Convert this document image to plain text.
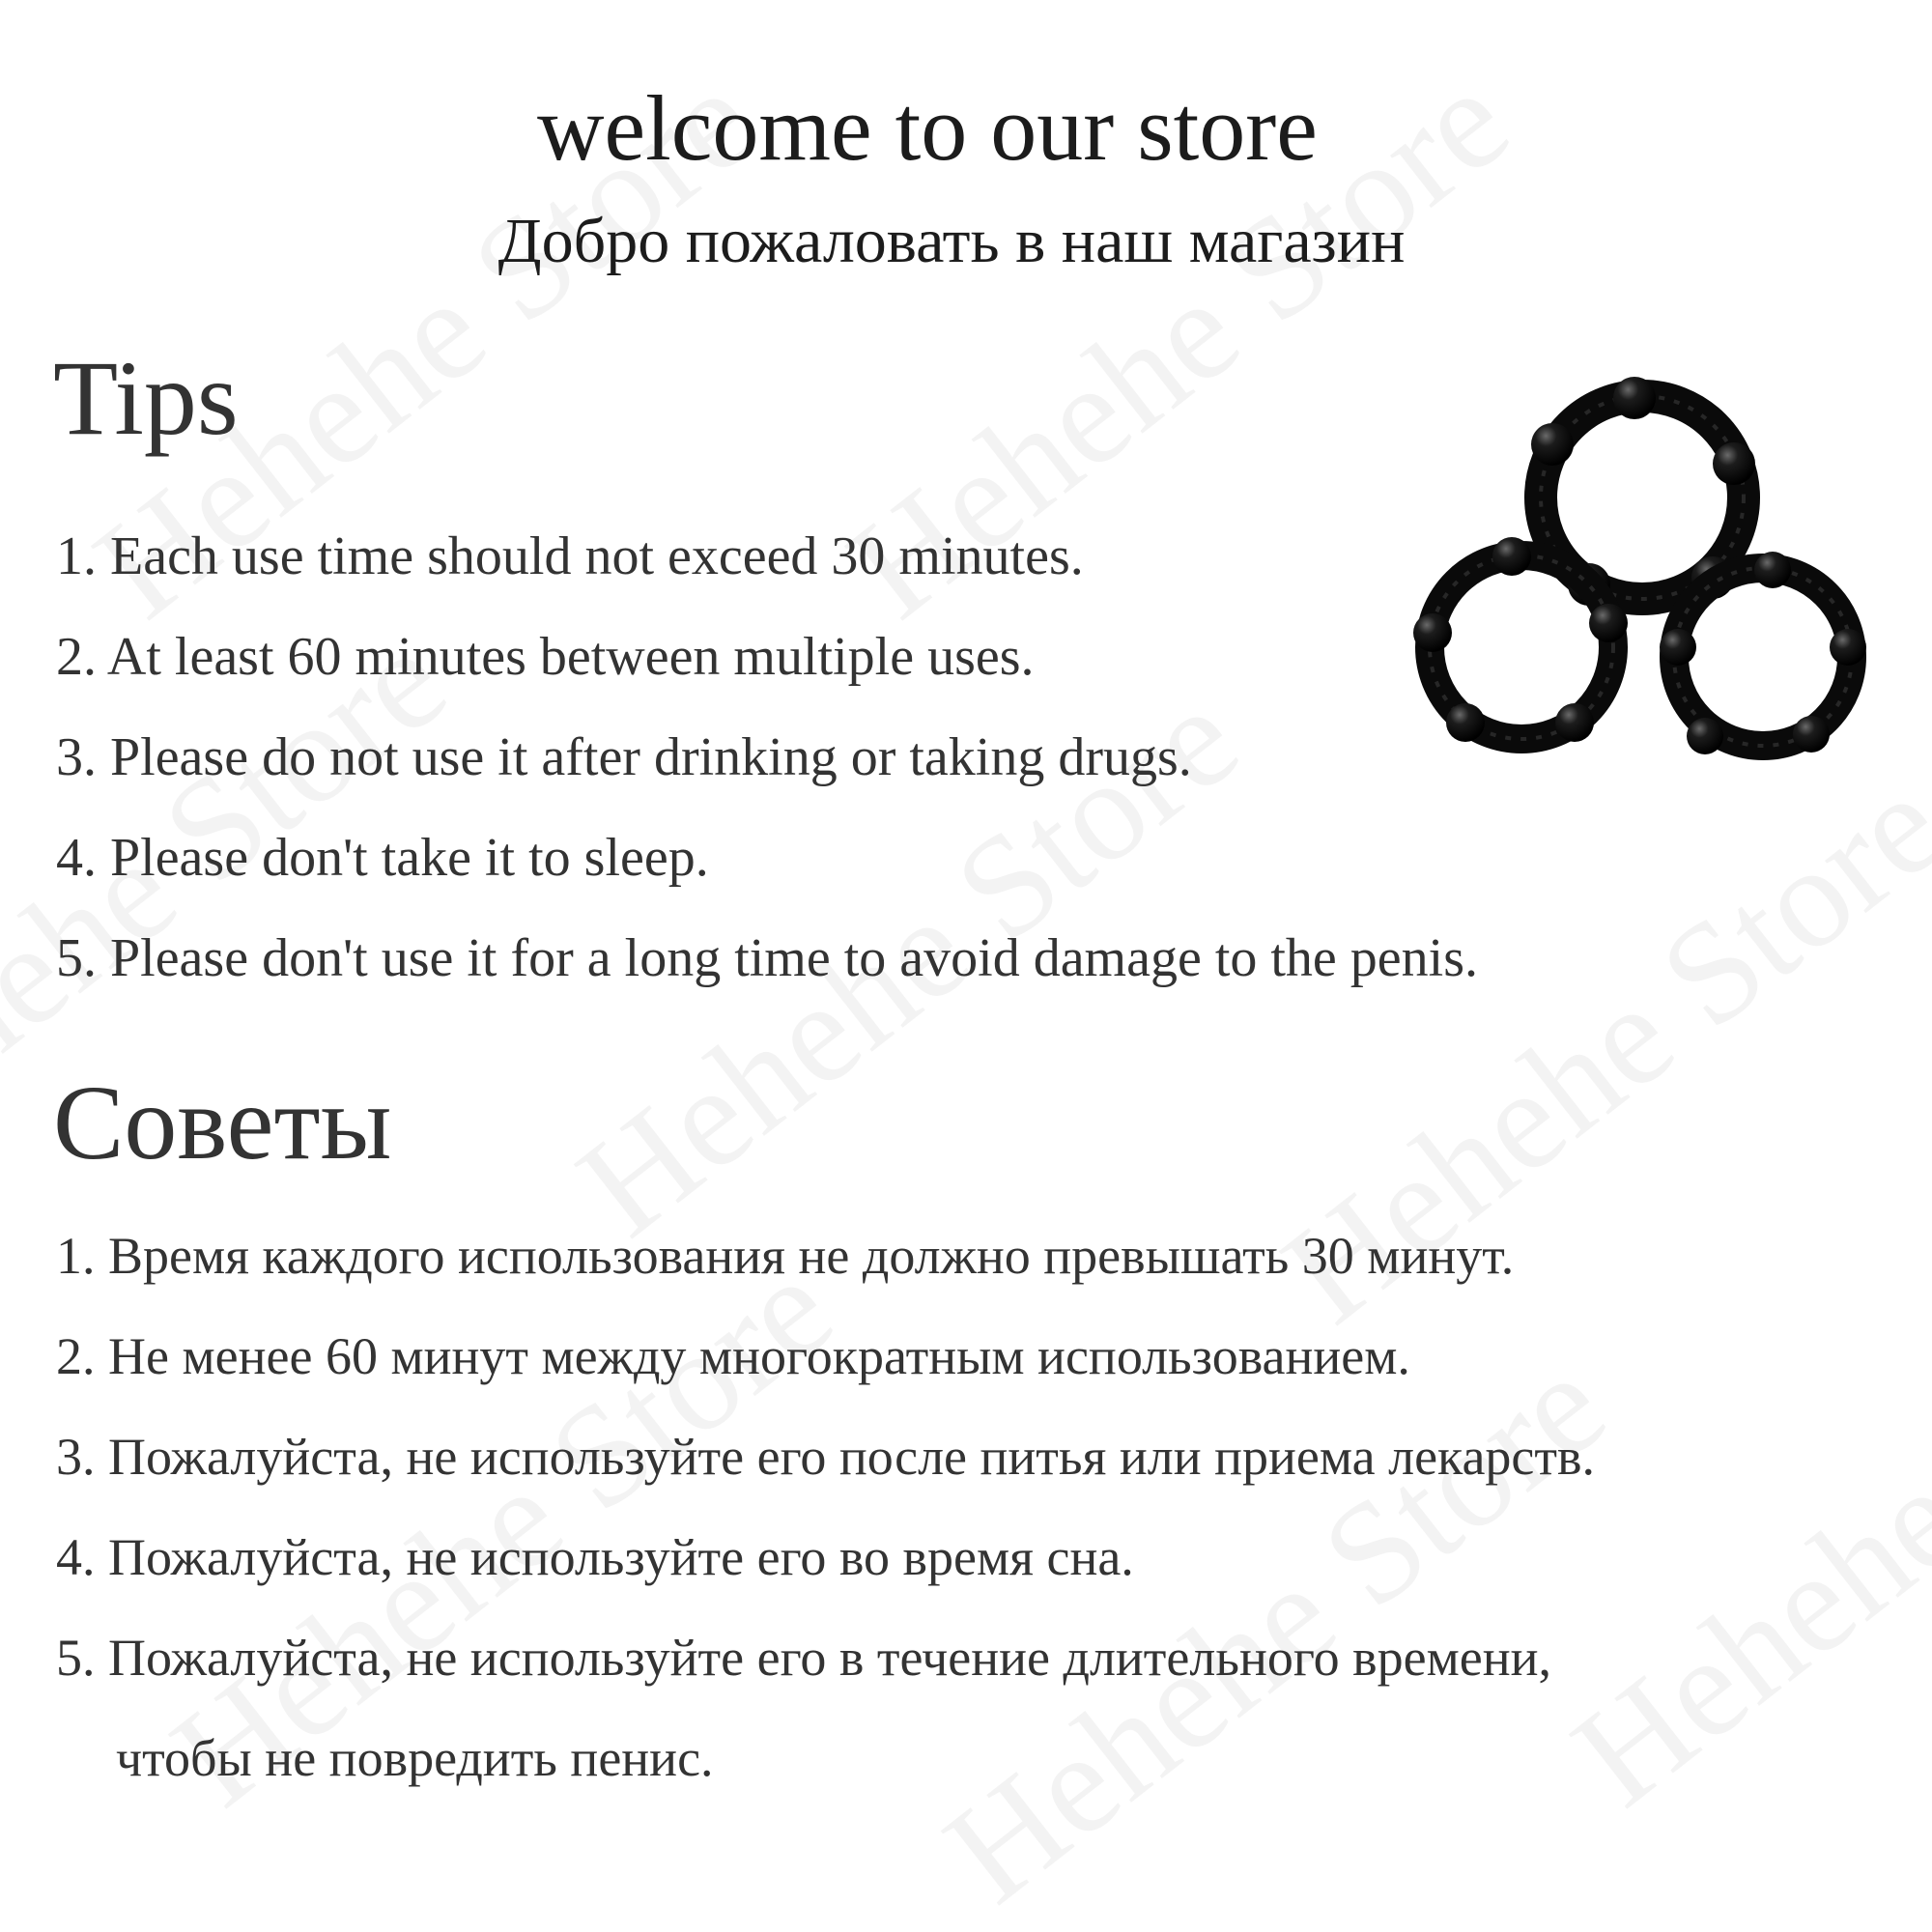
welcome to our store
Добро пожаловать в наш магазин
Tips
1. Each use time should not exceed 30 minutes.
2. At least 60 minutes between multiple uses.
3. Please do not use it after drinking or taking drugs.
4. Please don't take it to sleep.
5. Please don't use it for a long time to avoid damage to the penis.
Советы
1. Время каждого использования не должно превышать 30 минут.
2. Не менее 60 минут между многократным использованием.
3. Пожалуйста, не используйте его после питья или приема лекарств.
4. Пожалуйста, не используйте его во время сна.
5. Пожалуйста, не используйте его в течение длительного времени,
чтобы не повредить пенис.
